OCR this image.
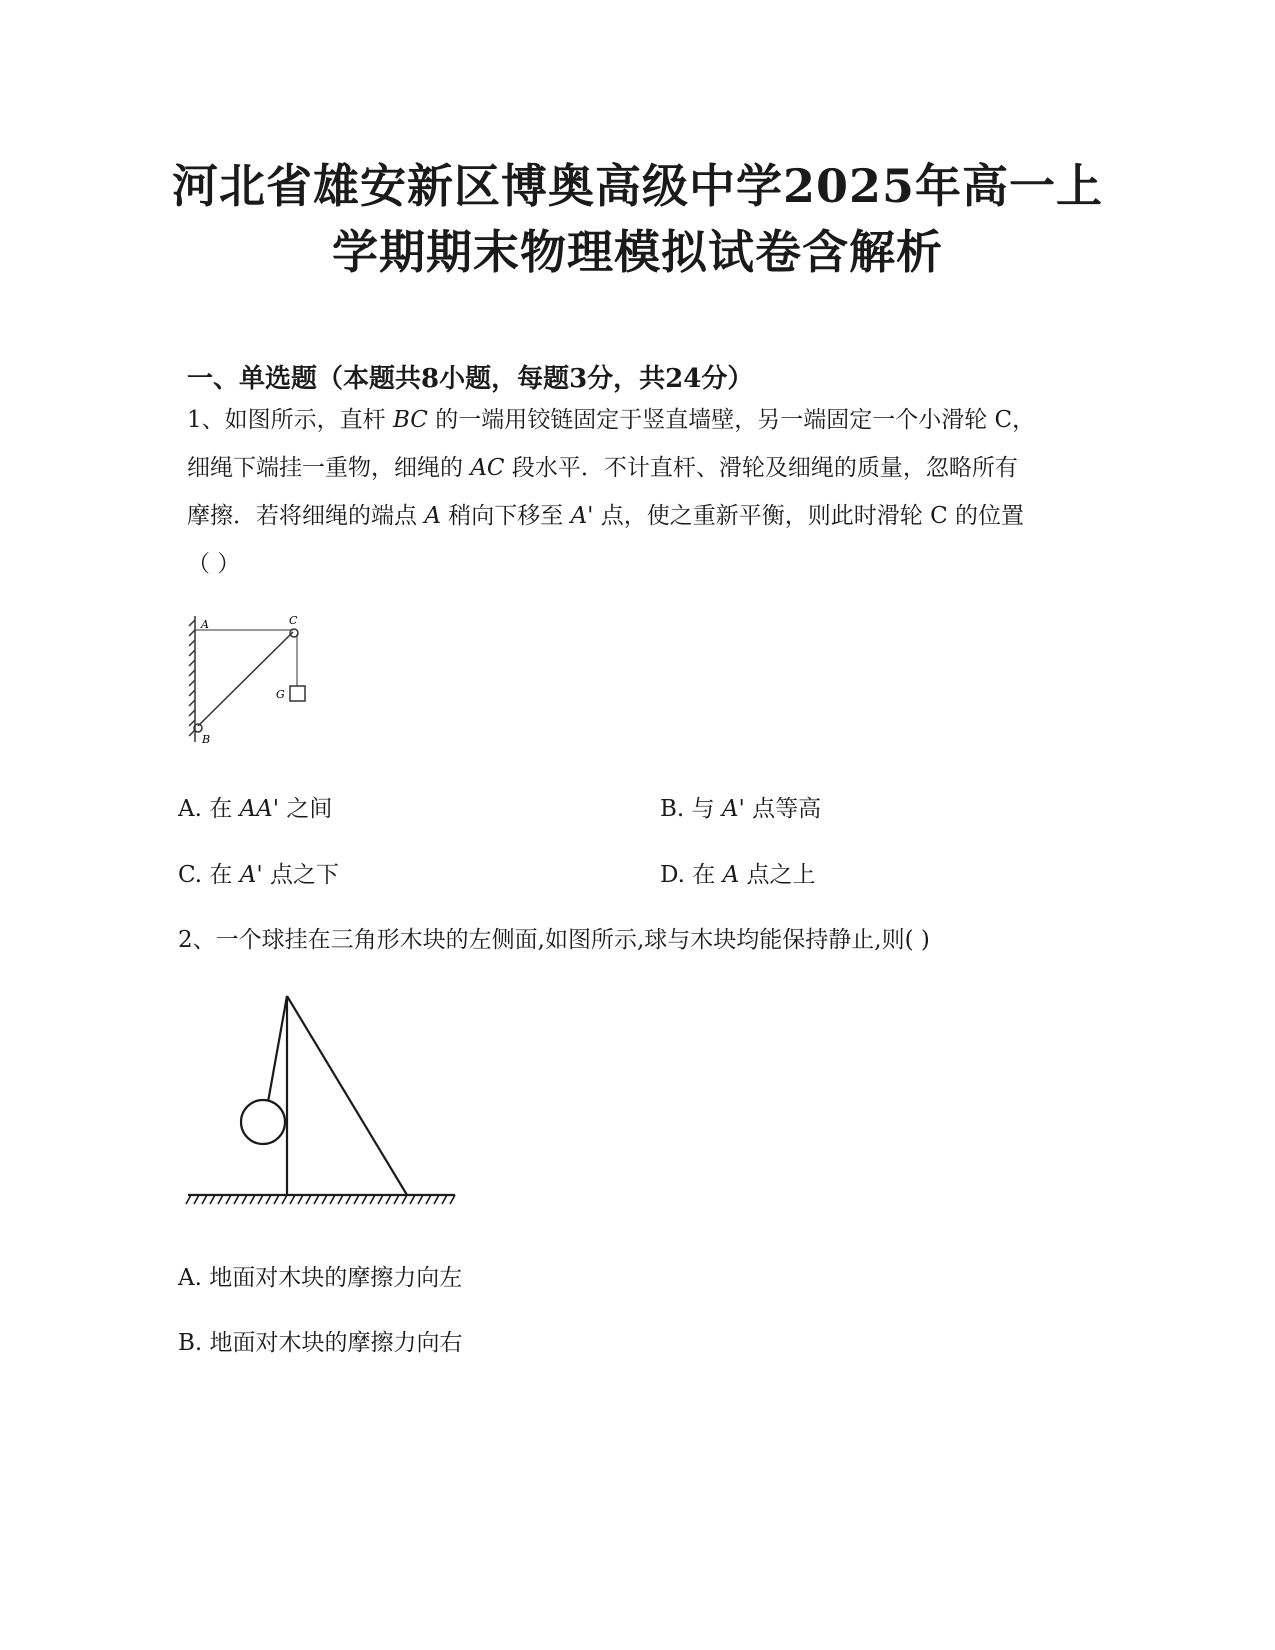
河北省雄安新区博奥高级中学2025年高一上
学期期末物理模拟试卷含解析
一、单选题（本题共8小题，每题3分，共24分）
1、如图所示，直杆 BC 的一端用铰链固定于竖直墙壁，另一端固定一个小滑轮 C，
细绳下端挂一重物，细绳的 AC 段水平．不计直杆、滑轮及细绳的质量，忽略所有
摩擦．若将细绳的端点 A 稍向下移至 A' 点，使之重新平衡，则此时滑轮 C 的位置
（ ）
A	C
G
B
A. 在 AA' 之间	B. 与 A' 点等高
C. 在 A' 点之下	D. 在 A 点之上
2、一个球挂在三角形木块的左侧面,如图所示,球与木块均能保持静止,则( )
A. 地面对木块的摩擦力向左
B. 地面对木块的摩擦力向右
